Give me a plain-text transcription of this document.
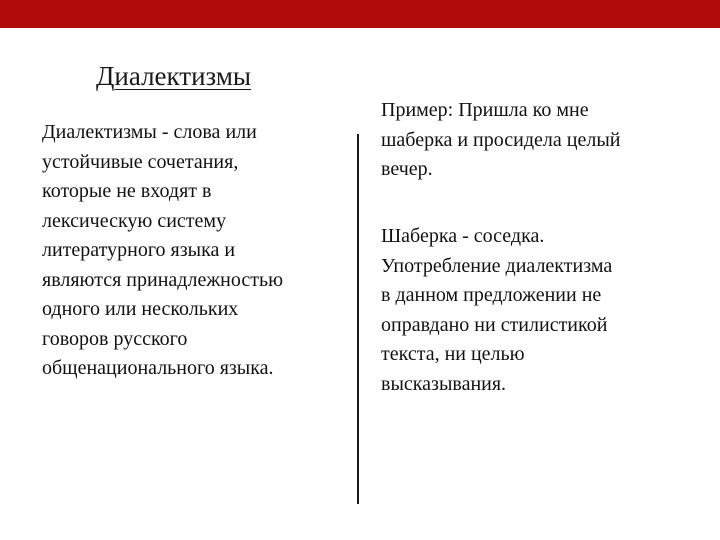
Диалектизмы
Диалектизмы - слова или
устойчивые сочетания,
которые не входят в
лексическую систему
литературного языка и
являются принадлежностью
одного или нескольких
говоров русского
общенационального языка.
Пример: Пришла ко мне
шаберка и просидела целый
вечер.
Шаберка - соседка.
Употребление диалектизма
в данном предложении не
оправдано ни стилистикой
текста, ни целью
высказывания.
